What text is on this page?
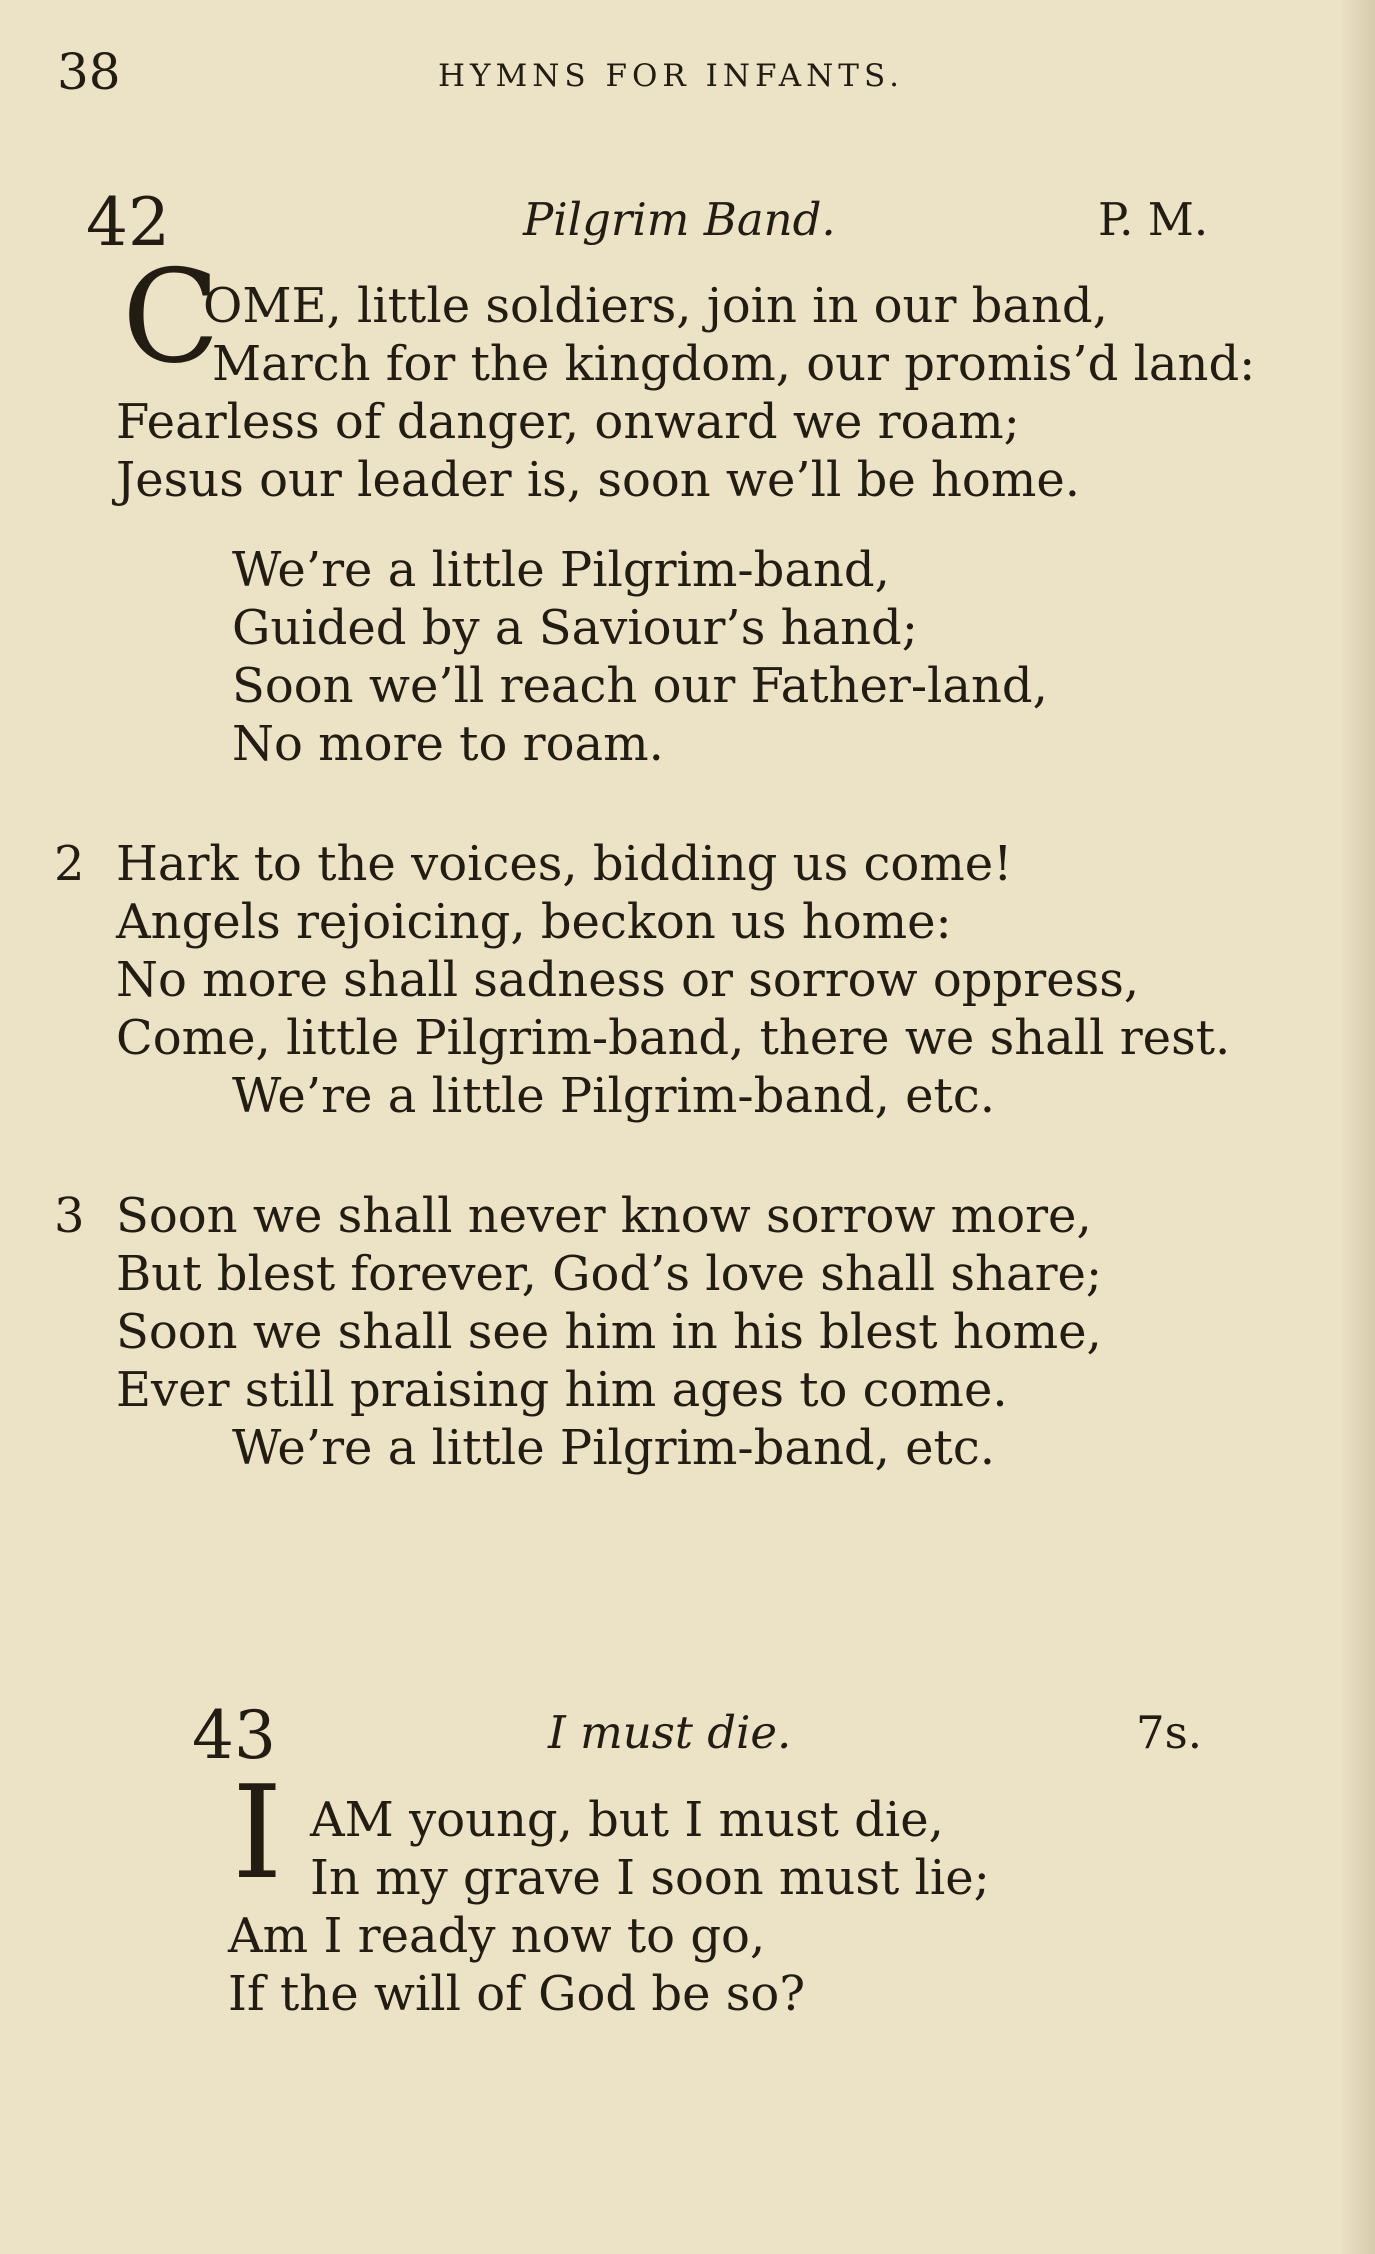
38	HYMNS FOR INFANTS.
42	Pilgrim Band.	P. M.
C
OME, little soldiers, join in our band,
March for the kingdom, our promis’d land:
Fearless of danger, onward we roam;
Jesus our leader is, soon we’ll be home.
We’re a little Pilgrim-band,
Guided by a Saviour’s hand;
Soon we’ll reach our Father-land,
No more to roam.
2 Hark to the voices, bidding us come!
Angels rejoicing, beckon us home:
No more shall sadness or sorrow oppress,
Come, little Pilgrim-band, there we shall rest.
We’re a little Pilgrim-band, etc.
3 Soon we shall never know sorrow more,
But blest forever, God’s love shall share;
Soon we shall see him in his blest home,
Ever still praising him ages to come.
We’re a little Pilgrim-band, etc.
43	I must die.	7s.
I AM young, but I must die,
In my grave I soon must lie;
Am I ready now to go,
If the will of God be so?
